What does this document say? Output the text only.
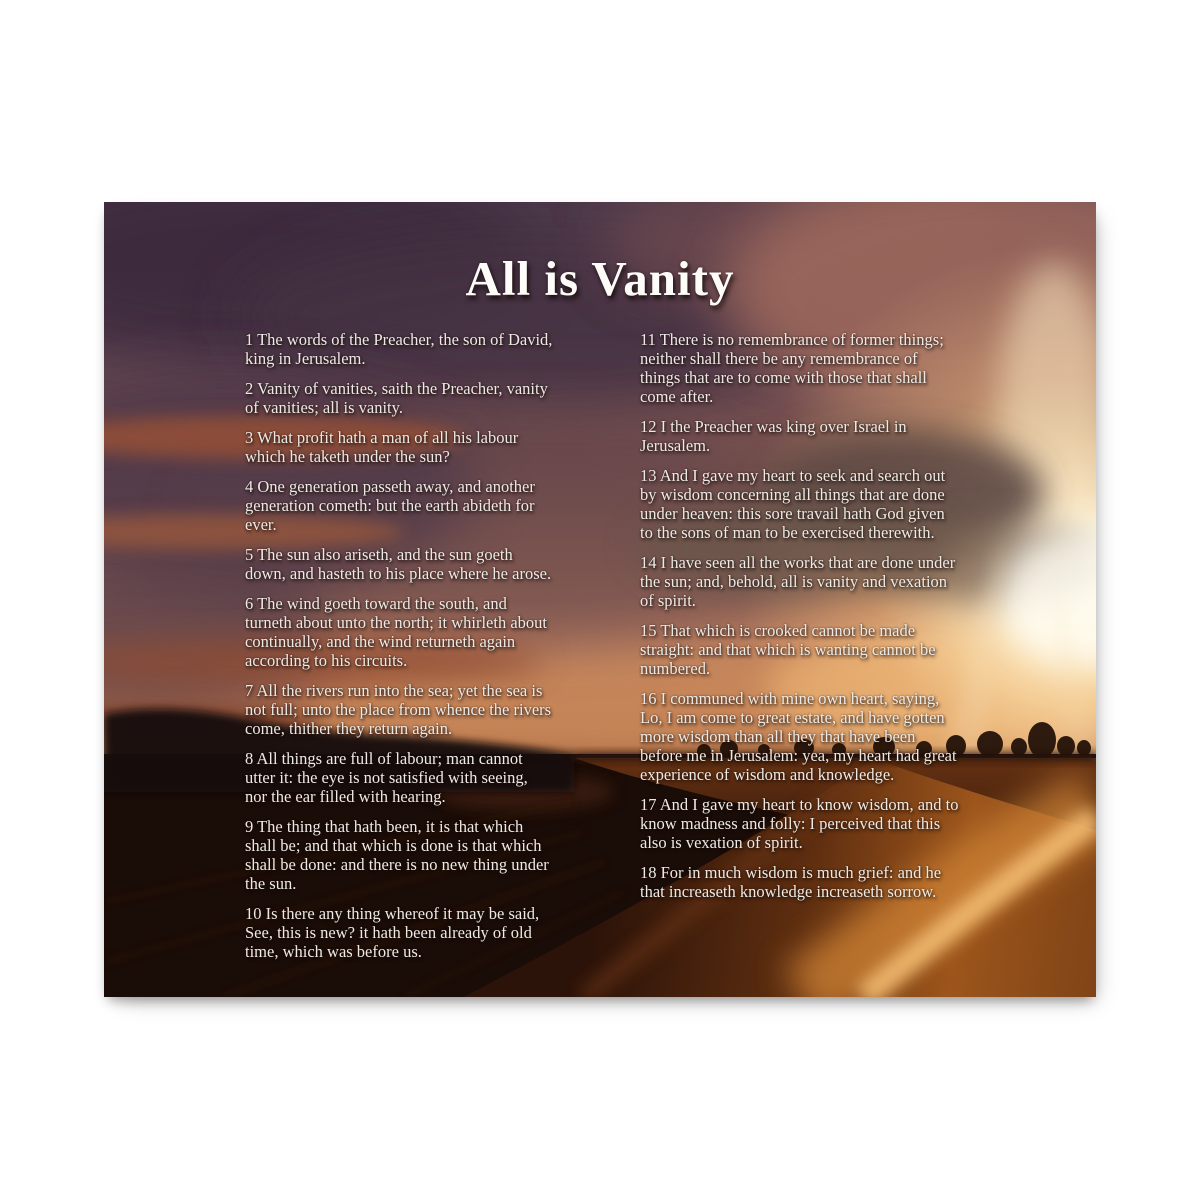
All is Vanity

1 The words of the Preacher, the son of David, king in Jerusalem.

2 Vanity of vanities, saith the Preacher, vanity of vanities; all is vanity.

3 What profit hath a man of all his labour which he taketh under the sun?

4 One generation passeth away, and another generation cometh: but the earth abideth for ever.

5 The sun also ariseth, and the sun goeth down, and hasteth to his place where he arose.

6 The wind goeth toward the south, and turneth about unto the north; it whirleth about continually, and the wind returneth again according to his circuits.

7 All the rivers run into the sea; yet the sea is not full; unto the place from whence the rivers come, thither they return again.

8 All things are full of labour; man cannot utter it: the eye is not satisfied with seeing, nor the ear filled with hearing.

9 The thing that hath been, it is that which shall be; and that which is done is that which shall be done: and there is no new thing under the sun.

10 Is there any thing whereof it may be said, See, this is new? it hath been already of old time, which was before us.

11 There is no remembrance of former things; neither shall there be any remembrance of things that are to come with those that shall come after.

12 I the Preacher was king over Israel in Jerusalem.

13 And I gave my heart to seek and search out by wisdom concerning all things that are done under heaven: this sore travail hath God given to the sons of man to be exercised therewith.

14 I have seen all the works that are done under the sun; and, behold, all is vanity and vexation of spirit.

15 That which is crooked cannot be made straight: and that which is wanting cannot be numbered.

16 I communed with mine own heart, saying, Lo, I am come to great estate, and have gotten more wisdom than all they that have been before me in Jerusalem: yea, my heart had great experience of wisdom and knowledge.

17 And I gave my heart to know wisdom, and to know madness and folly: I perceived that this also is vexation of spirit.

18 For in much wisdom is much grief: and he that increaseth knowledge increaseth sorrow.
